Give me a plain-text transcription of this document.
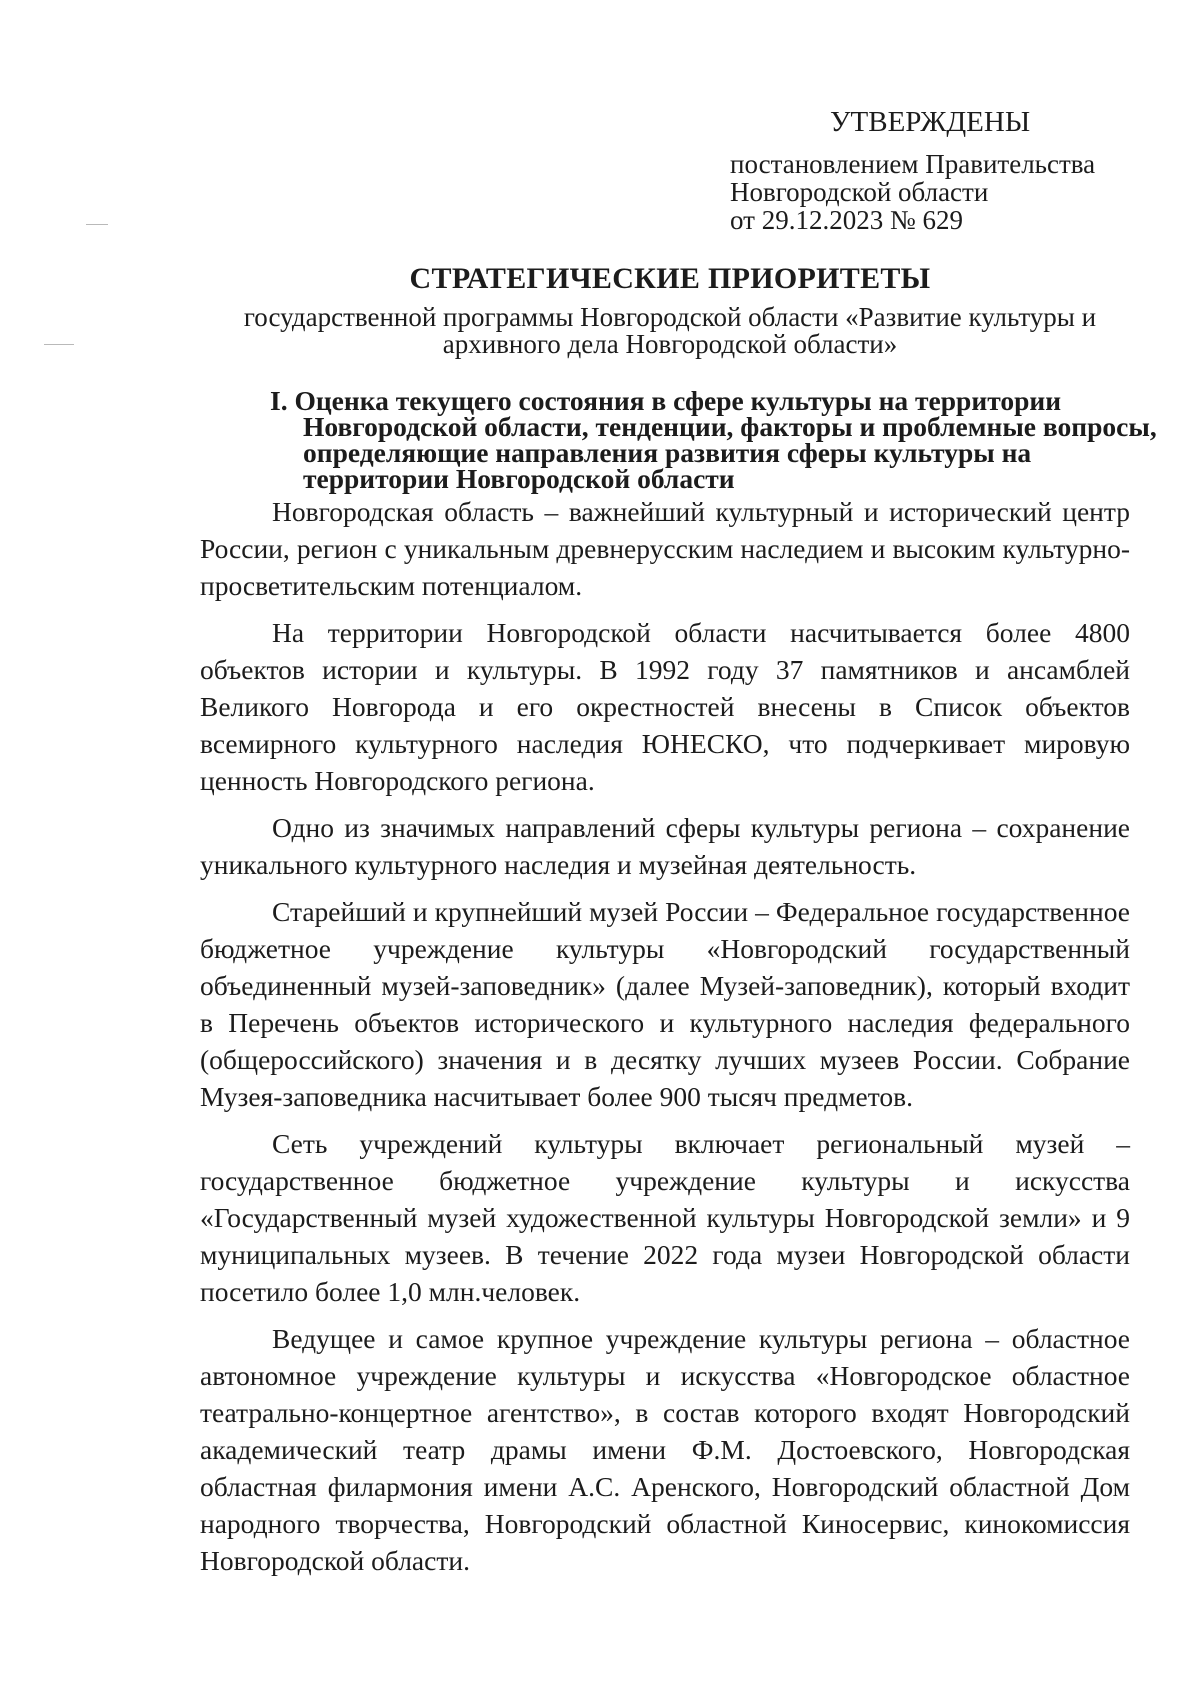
УТВЕРЖДЕНЫ
постановлением Правительства
Новгородской области
от 29.12.2023 № 629
СТРАТЕГИЧЕСКИЕ ПРИОРИТЕТЫ
государственной программы Новгородской области «Развитие культуры и архивного дела Новгородской области»
I. Оценка текущего состояния в сфере культуры на территории Новгородской области, тенденции, факторы и проблемные вопросы, определяющие направления развития сферы культуры на территории Новгородской области

Новгородская область – важнейший культурный и исторический центр России, регион с уникальным древнерусским наследием и высоким культурно-просветительским потенциалом.

На территории Новгородской области насчитывается более 4800 объектов истории и культуры. В 1992 году 37 памятников и ансамблей Великого Новгорода и его окрестностей внесены в Список объектов всемирного культурного наследия ЮНЕСКО, что подчеркивает мировую ценность Новгородского региона.

Одно из значимых направлений сферы культуры региона – сохранение уникального культурного наследия и музейная деятельность.

Старейший и крупнейший музей России – Федеральное государственное бюджетное учреждение культуры «Новгородский государственный объединенный музей-заповедник» (далее Музей-заповедник), который входит в Перечень объектов исторического и культурного наследия федерального (общероссийского) значения и в десятку лучших музеев России. Собрание Музея-заповедника насчитывает более 900 тысяч предметов.

Сеть учреждений культуры включает региональный музей – государственное бюджетное учреждение культуры и искусства «Государственный музей художественной культуры Новгородской земли» и 9 муниципальных музеев. В течение 2022 года музеи Новгородской области посетило более 1,0 млн.человек.

Ведущее и самое крупное учреждение культуры региона – областное автономное учреждение культуры и искусства «Новгородское областное театрально-концертное агентство», в состав которого входят Новгородский академический театр драмы имени Ф.М. Достоевского, Новгородская областная филармония имени А.С. Аренского, Новгородский областной Дом народного творчества, Новгородский областной Киносервис, кинокомиссия Новгородской области.
